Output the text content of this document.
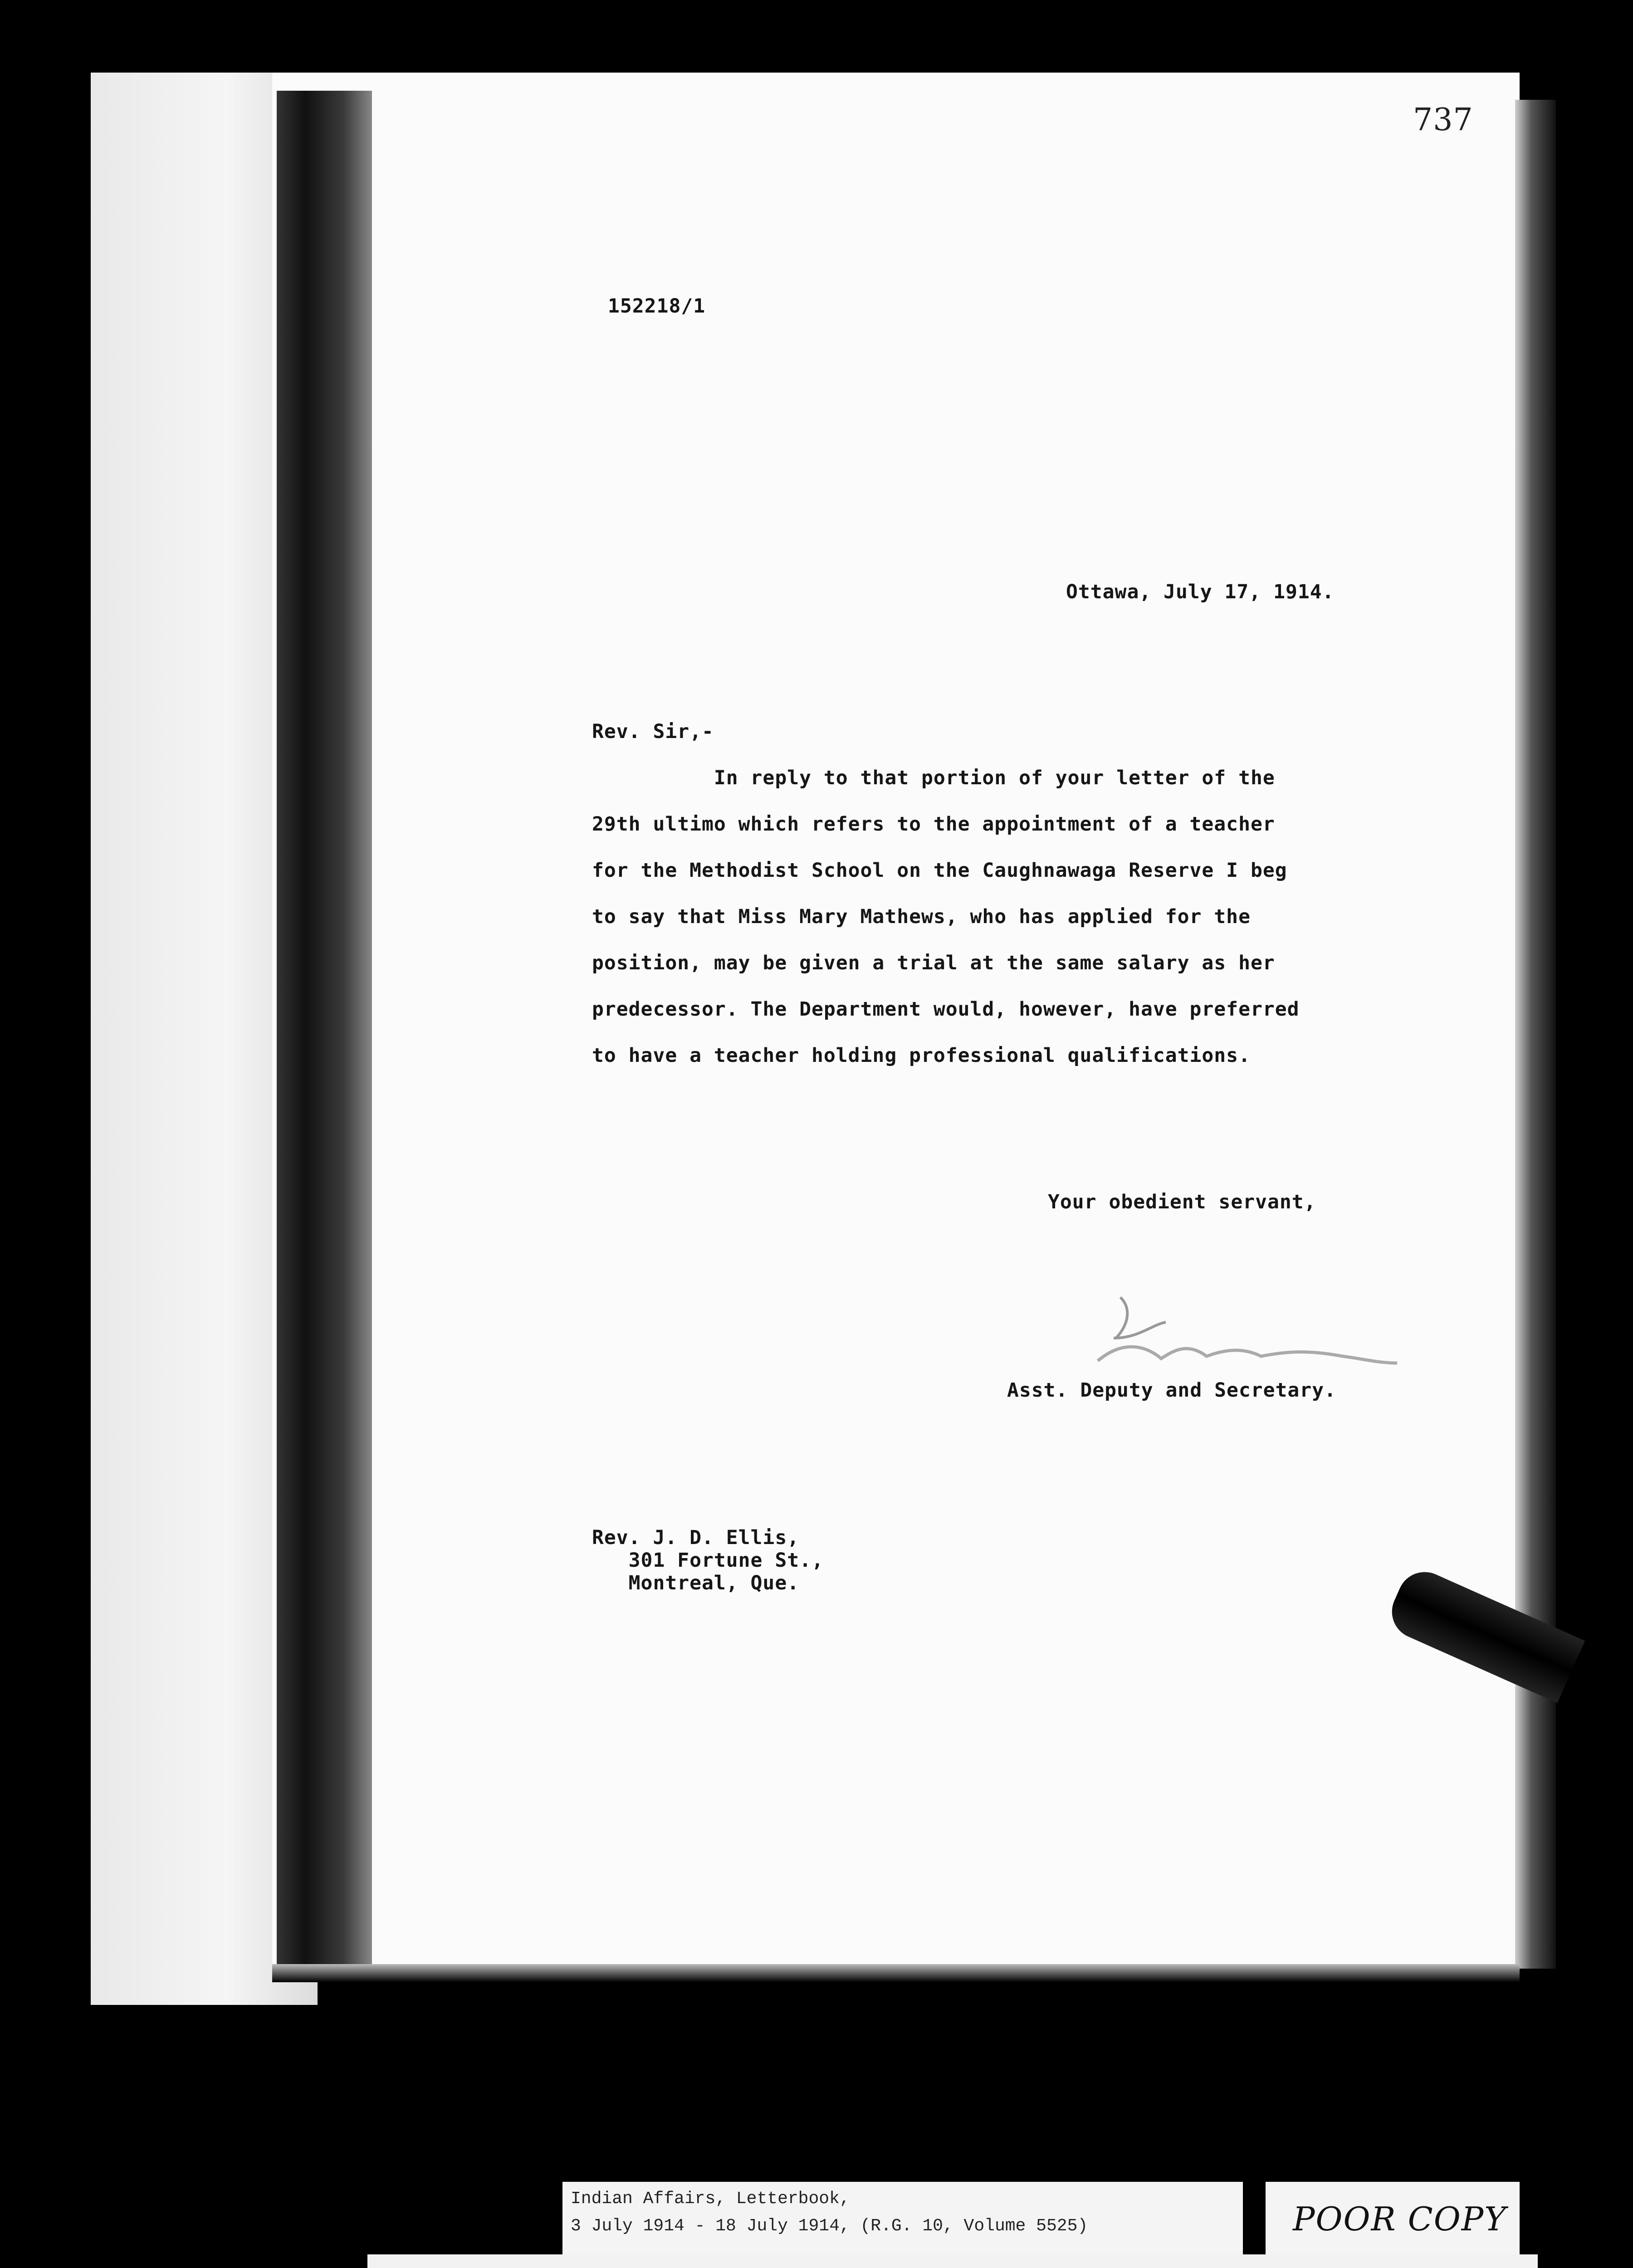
737

152218/1

Ottawa, July 17, 1914.

Rev. Sir,-

In reply to that portion of your letter of the

29th ultimo which refers to the appointment of a teacher

for the Methodist School on the Caughnawaga Reserve I beg

to say that Miss Mary Mathews, who has applied for the

position, may be given a trial at the same salary as her

predecessor. The Department would, however, have preferred

to have a teacher holding professional qualifications.

Your obedient servant,

Asst. Deputy and Secretary.

Rev. J. D. Ellis,

301 Fortune St.,

Montreal, Que.

Indian Affairs, Letterbook,

3 July 1914 - 18 July 1914, (R.G. 10, Volume 5525)	POOR COPY
